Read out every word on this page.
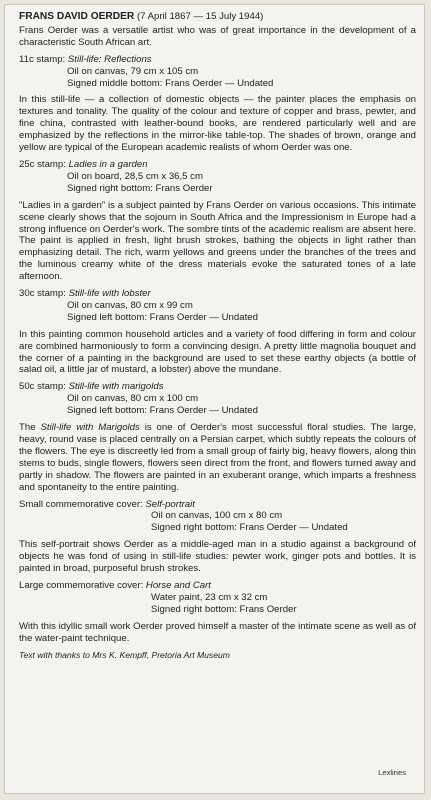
FRANS DAVID OERDER (7 April 1867 — 15 July 1944)

Frans Oerder was a versatile artist who was of great importance in the development of a characteristic South African art.

11c stamp: Still-life: Reflections
Oil on canvas, 79 cm x 105 cm
Signed middle bottom: Frans Oerder — Undated

In this still-life — a collection of domestic objects — the painter places the emphasis on textures and tonality. The quality of the colour and texture of copper and brass, pewter, and fine china, contrasted with leather-bound books, are rendered particularly well and are emphasized by the reflections in the mirror-like table-top. The shades of brown, orange and yellow are typical of the European academic realists of whom Oerder was one.

25c stamp: Ladies in a garden
Oil on board, 28,5 cm x 36,5 cm
Signed right bottom: Frans Oerder

"Ladies in a garden" is a subject painted by Frans Oerder on various occasions. This intimate scene clearly shows that the sojourn in South Africa and the Impressionism in Europe had a strong influence on Oerder's work. The sombre tints of the academic realism are absent here. The paint is applied in fresh, light brush strokes, bathing the objects in light rather than emphasizing detail. The rich, warm yellows and greens under the branches of the trees and the luminous creamy white of the dress materials evoke the saturated tones of a late afternoon.

30c stamp: Still-life with lobster
Oil on canvas, 80 cm x 99 cm
Signed left bottom: Frans Oerder — Undated

In this painting common household articles and a variety of food differing in form and colour are combined harmoniously to form a convincing design. A pretty little magnolia bouquet and the corner of a painting in the background are used to set these earthy objects (a bottle of salad oil, a little jar of mustard, a lobster) above the mundane.

50c stamp: Still-life with marigolds
Oil on canvas, 80 cm x 100 cm
Signed left bottom: Frans Oerder — Undated

The Still-life with Marigolds is one of Oerder's most successful floral studies. The large, heavy, round vase is placed centrally on a Persian carpet, which subtly repeats the colours of the flowers. The eye is discreetly led from a small group of fairly big, heavy flowers, along thin stems to buds, single flowers, flowers seen direct from the front, and flowers turned away and partly in shadow. The flowers are painted in an exuberant orange, which imparts a freshness and spontaneity to the entire painting.

Small commemorative cover: Self-portrait
Oil on canvas, 100 cm x 80 cm
Signed right bottom: Frans Oerder — Undated

This self-portrait shows Oerder as a middle-aged man in a studio against a background of objects he was fond of using in still-life studies: pewter work, ginger pots and bottles. It is painted in broad, purposeful brush strokes.

Large commemorative cover: Horse and Cart
Water paint, 23 cm x 32 cm
Signed right bottom: Frans Oerder

With this idyllic small work Oerder proved himself a master of the intimate scene as well as of the water-paint technique.

Text with thanks to Mrs K. Kempff, Pretoria Art Museum
Lexlines
